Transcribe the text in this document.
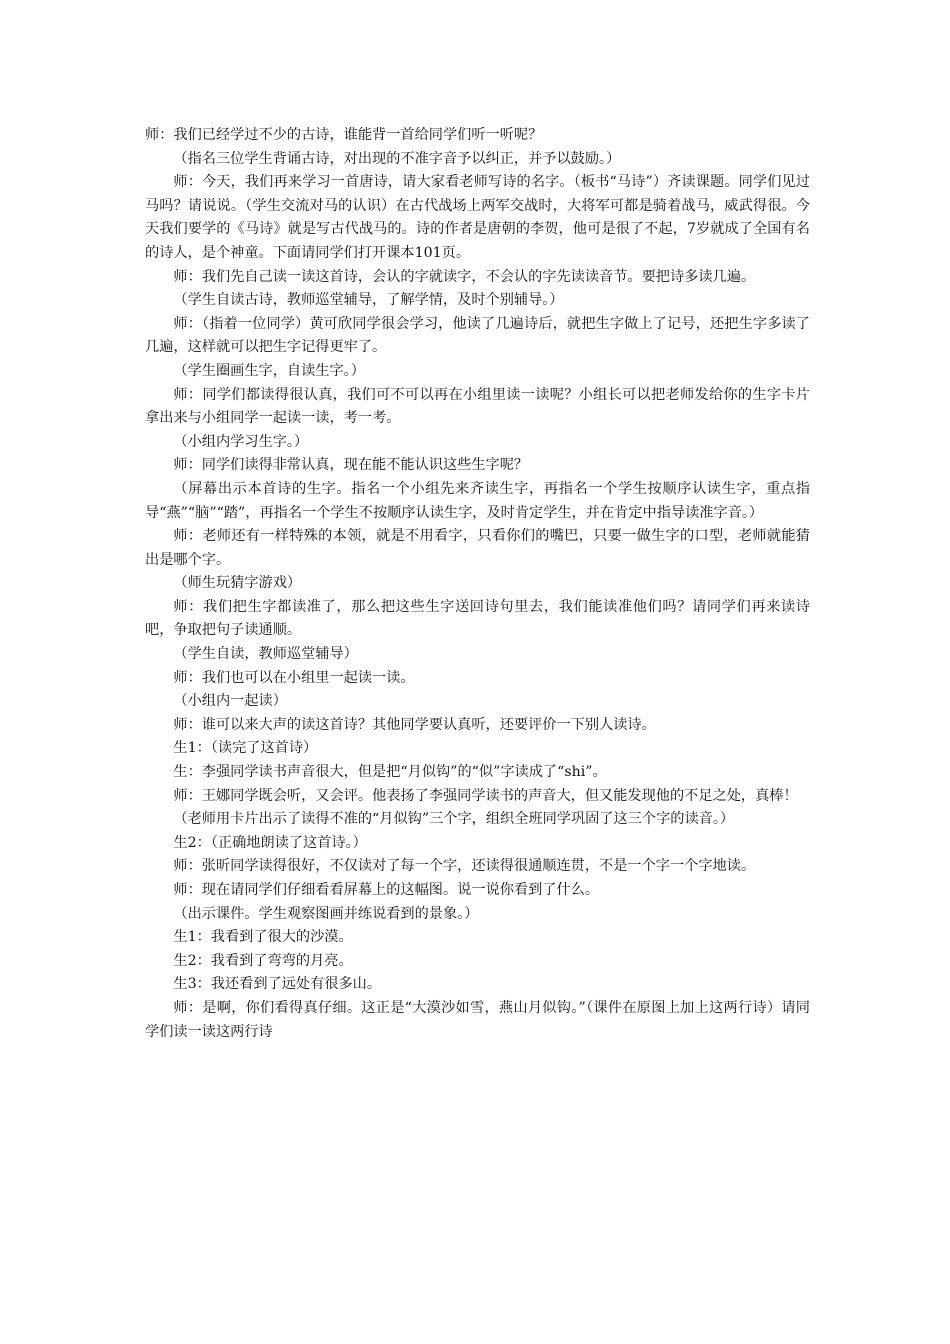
师：我们已经学过不少的古诗，谁能背一首给同学们听一听呢？

（指名三位学生背诵古诗，对出现的不准字音予以纠正，并予以鼓励。）

师：今天，我们再来学习一首唐诗，请大家看老师写诗的名字。（板书“马诗”）齐读课题。同学们见过马吗？请说说。（学生交流对马的认识）在古代战场上两军交战时，大将军可都是骑着战马，威武得很。今天我们要学的《马诗》就是写古代战马的。诗的作者是唐朝的李贺，他可是很了不起，7岁就成了全国有名的诗人，是个神童。下面请同学们打开课本101页。

师：我们先自己读一读这首诗，会认的字就读字，不会认的字先读读音节。要把诗多读几遍。

（学生自读古诗，教师巡堂辅导，了解学情，及时个别辅导。）

师：（指着一位同学）黄可欣同学很会学习，他读了几遍诗后，就把生字做上了记号，还把生字多读了几遍，这样就可以把生字记得更牢了。

（学生圈画生字，自读生字。）

师：同学们都读得很认真，我们可不可以再在小组里读一读呢？小组长可以把老师发给你的生字卡片拿出来与小组同学一起读一读，考一考。

（小组内学习生字。）

师：同学们读得非常认真，现在能不能认识这些生字呢？

（屏幕出示本首诗的生字。指名一个小组先来齐读生字，再指名一个学生按顺序认读生字，重点指导“燕”“脑”“踏”，再指名一个学生不按顺序认读生字，及时肯定学生，并在肯定中指导读准字音。）

师：老师还有一样特殊的本领，就是不用看字，只看你们的嘴巴，只要一做生字的口型，老师就能猜出是哪个字。

（师生玩猜字游戏）

师：我们把生字都读准了，那么把这些生字送回诗句里去，我们能读准他们吗？请同学们再来读诗吧，争取把句子读通顺。

（学生自读，教师巡堂辅导）

师：我们也可以在小组里一起读一读。

（小组内一起读）

师：谁可以来大声的读这首诗？其他同学要认真听，还要评价一下别人读诗。

生1：（读完了这首诗）

生：李强同学读书声音很大，但是把“月似钩”的“似”字读成了“shi”。

师：王娜同学既会听，又会评。他表扬了李强同学读书的声音大，但又能发现他的不足之处，真棒！

（老师用卡片出示了读得不准的“月似钩”三个字，组织全班同学巩固了这三个字的读音。）

生2：（正确地朗读了这首诗。）

师：张昕同学读得很好，不仅读对了每一个字，还读得很通顺连贯，不是一个字一个字地读。

师：现在请同学们仔细看看屏幕上的这幅图。说一说你看到了什么。

（出示课件。学生观察图画并练说看到的景象。）

生1：我看到了很大的沙漠。

生2：我看到了弯弯的月亮。

生3：我还看到了远处有很多山。

师：是啊，你们看得真仔细。这正是“大漠沙如雪，燕山月似钩。”（课件在原图上加上这两行诗）请同学们读一读这两行诗
